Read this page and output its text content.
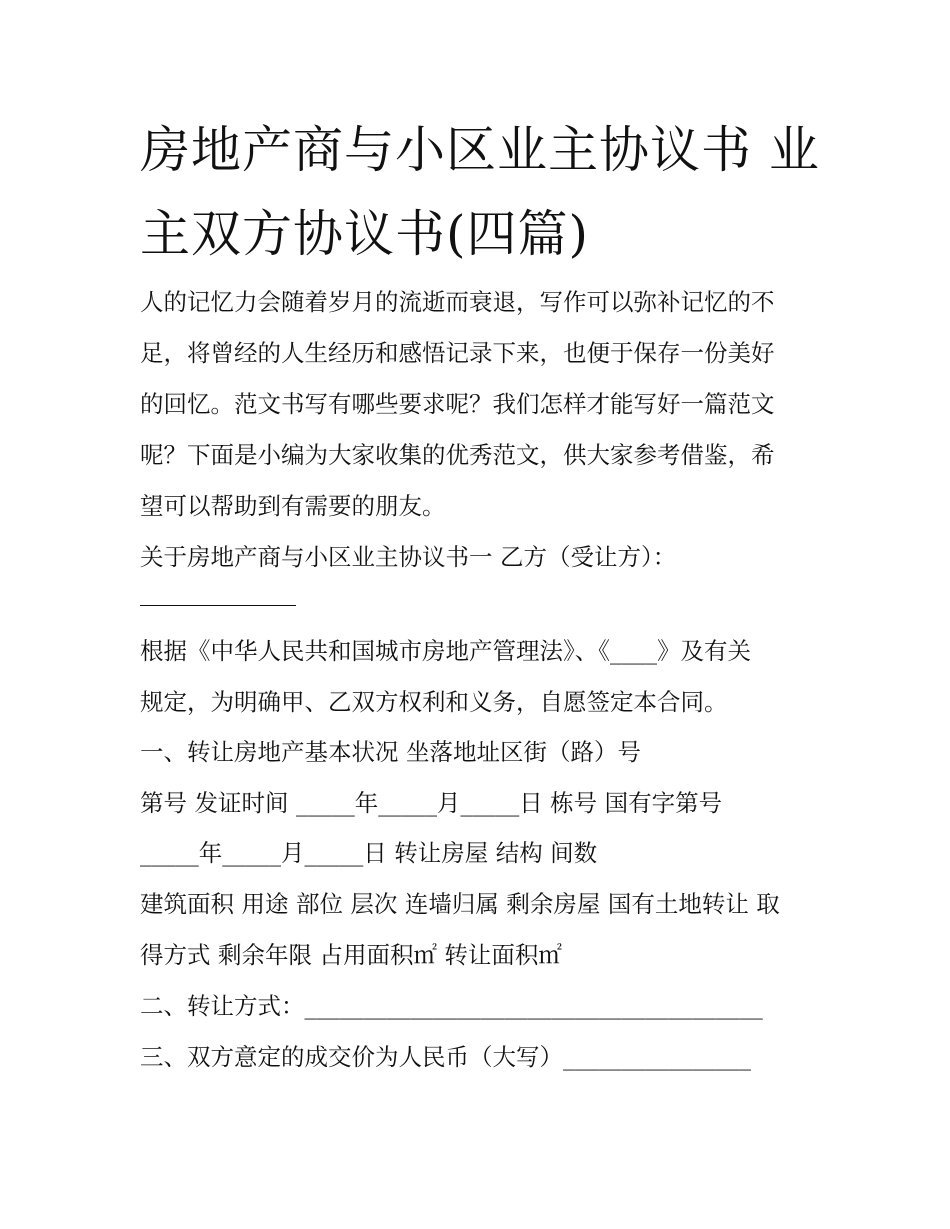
房地产商与小区业主协议书 业
主双方协议书(四篇)
人的记忆力会随着岁月的流逝而衰退，写作可以弥补记忆的不
足，将曾经的人生经历和感悟记录下来，也便于保存一份美好
的回忆。范文书写有哪些要求呢？我们怎样才能写好一篇范文
呢？下面是小编为大家收集的优秀范文，供大家参考借鉴，希
望可以帮助到有需要的朋友。
关于房地产商与小区业主协议书一 乙方（受让方）：
根据《中华人民共和国城市房地产管理法》、《____》及有关
规定，为明确甲、乙双方权利和义务，自愿签定本合同。
一、转让房地产基本状况 坐落地址区街（路）号
第号 发证时间 _____年_____月_____日 栋号 国有字第号
_____年_____月_____日 转让房屋 结构 间数
建筑面积 用途 部位 层次 连墙归属 剩余房屋 国有土地转让 取
得方式 剩余年限 占用面积㎡ 转让面积㎡
二、转让方式：_______________________________________
三、双方意定的成交价为人民币（大写）________________
